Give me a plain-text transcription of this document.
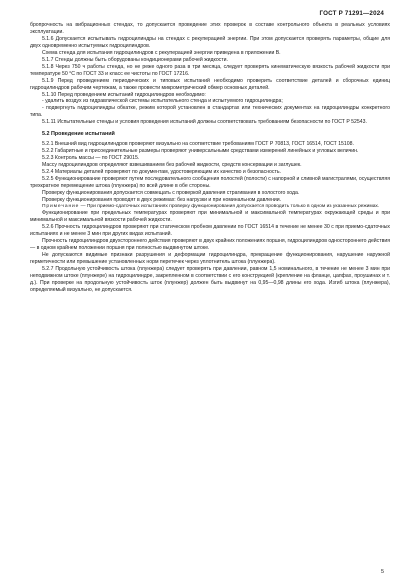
ГОСТ Р 71291—2024

бропрочность на вибрационных стендах, то допускается проведение этих проверок в составе контрольного объекта в реальных условиях эксплуатации.

5.1.6 Допускается испытывать гидроцилиндры на стендах с рекуперацией энергии. При этом допускается проверять параметры, общие для двух одновременно испытуемых гидроцилиндров.

Схема стенда для испытания гидроцилиндров с рекуперацией энергии приведена в приложении В.

5.1.7 Стенды должны быть оборудованы кондиционерами рабочей жидкости.

5.1.8 Через 750 ч работы стенда, но не реже одного раза в три месяца, следует проверять кинематическую вязкость рабочей жидкости при температуре 50 °С по ГОСТ 33 и класс ее чистоты по ГОСТ 17216.

5.1.9 Перед проведением периодических и типовых испытаний необходимо проверить соответствие деталей и сборочных единиц гидроцилиндров рабочим чертежам, а также провести микрометрический обмер основных деталей.

5.1.10 Перед проведением испытаний гидроцилиндров необходимо:

- удалить воздух из гидравлической системы испытательного стенда и испытуемого гидроцилиндра;

- подвергнуть гидроцилиндры обкатке, режим которой установлен в стандартах или технических документах на гидроцилиндры конкретного типа.

5.1.11 Испытательные стенды и условия проведения испытаний должны соответствовать требованиям безопасности по ГОСТ Р 52543.

5.2 Проведение испытаний

5.2.1 Внешний вид гидроцилиндров проверяют визуально на соответствие требованиям ГОСТ Р 70813, ГОСТ 16514, ГОСТ 15108.

5.2.2 Габаритные и присоединительные размеры проверяют универсальными средствами измерений линейных и угловых величин.

5.2.3 Контроль массы — по ГОСТ 29015.

Массу гидроцилиндров определяют взвешиванием без рабочей жидкости, средств консервации и заглушек.

5.2.4 Материалы деталей проверяют по документам, удостоверяющим их качество и безопасность.

5.2.5 Функционирование проверяют путем последовательного сообщения полостей (полости) с напорной и сливной магистралями, осуществляя трехкратное перемещение штока (плунжера) по всей длине в обе стороны.

Проверку функционирования допускается совмещать с проверкой давления страгивания в холостого хода.

Проверку функционирования проводят в двух режимах: без нагрузки и при номинальном давлении.

Примечание — При приемо-сдаточных испытаниях проверку функционирования допускается проводить только в одном из указанных режимах.

Функционирование при предельных температурах проверяют при минимальной и максимальной температурах окружающей среды и при минимальной и максимальной вязкости рабочей жидкости.

5.2.6 Прочность гидроцилиндров проверяют при статическом пробном давлении по ГОСТ 16514 в течение не менее 30 с при приемо-сдаточных испытаниях и не менее 3 мин при других видах испытаний.

Прочность гидроцилиндров двухстороннего действия проверяют в двух крайних положениях поршня, гидроцилиндров одностороннего действия — в одном крайнем положении поршня при полностью выдвинутом штоке.

Не допускаются видимые признаки разрушения и деформации гидроцилиндра, прекращение функционирования, нарушение наружной герметичности или превышение установленных норм перетечек через уплотнитель штока (плунжера).

5.2.7 Продольную устойчивость штока (плунжера) следует проверять при давлении, равном 1,5 номинального, в течение не менее 3 мин при неподвижном штоке (плунжере) на гидроцилиндре, закрепленном в соответствии с его конструкцией (крепление на фланце, цапфах, проушинах и т. д.). При проверке на продольную устойчивость шток (плунжер) должен быть выдвинут на 0,95—0,98 длины его хода. Изгиб штока (плунжера), определяемый визуально, не допускается.

5
